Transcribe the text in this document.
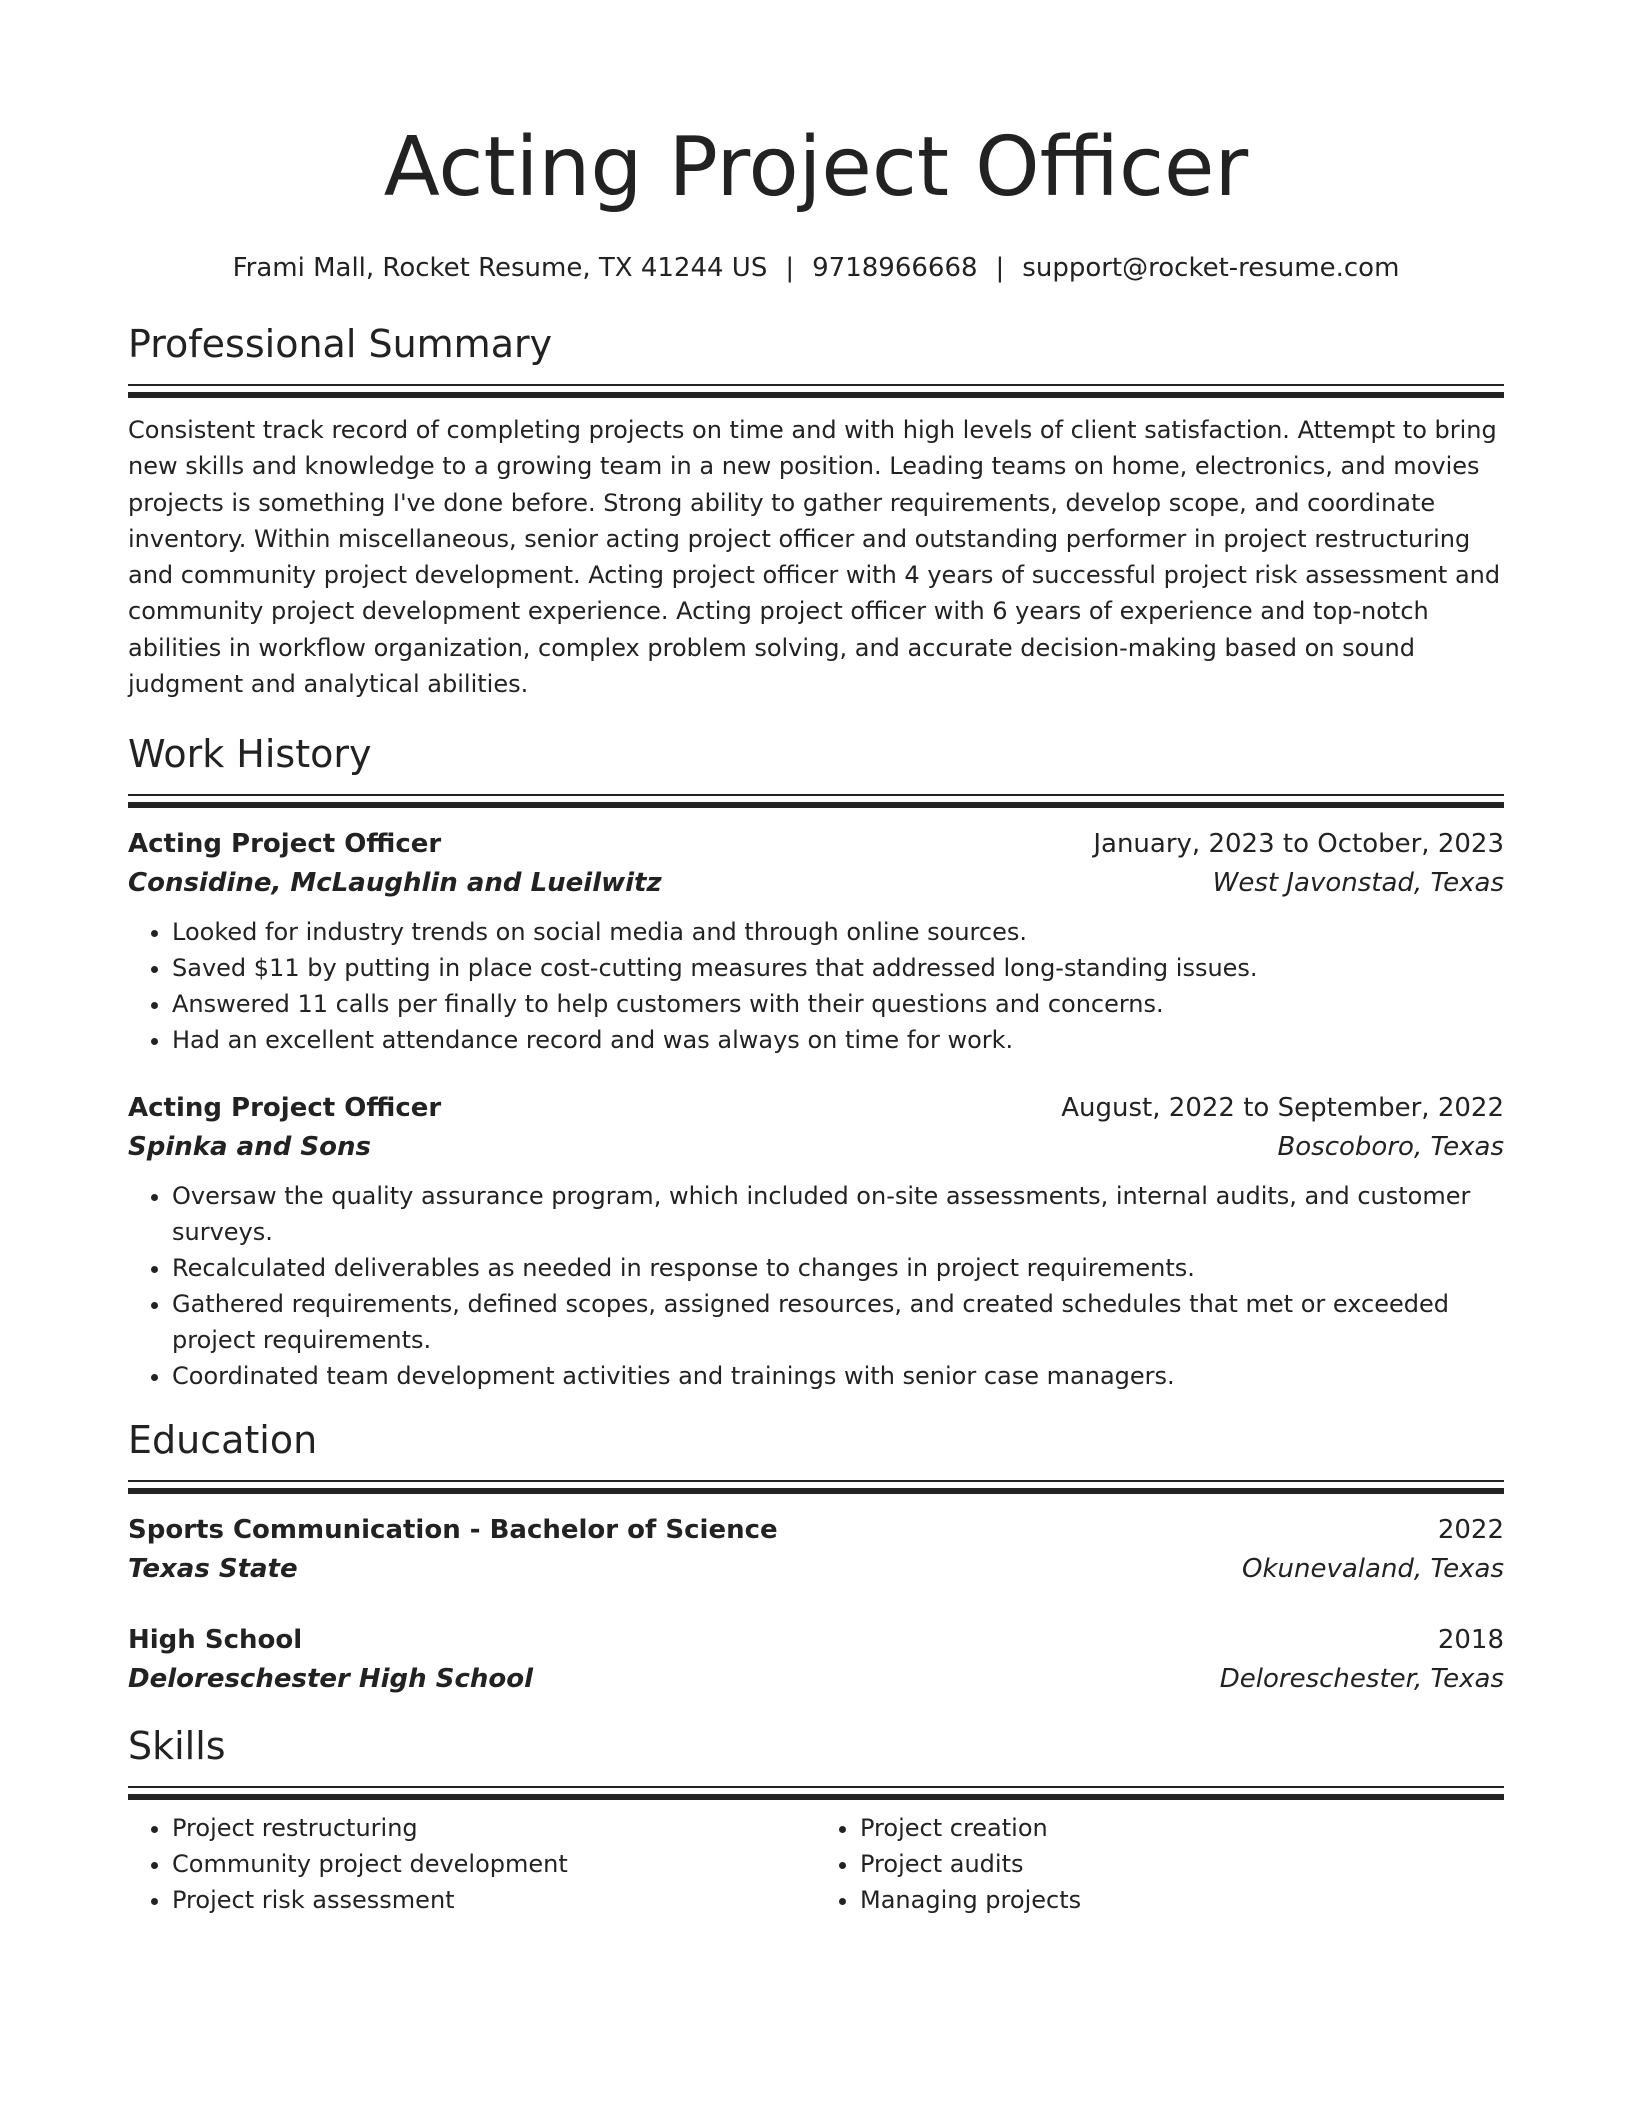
Acting Project Officer
Frami Mall, Rocket Resume, TX 41244 US | 9718966668 | support@rocket-resume.com
Professional Summary
Consistent track record of completing projects on time and with high levels of client satisfaction. Attempt to bring new skills and knowledge to a growing team in a new position. Leading teams on home, electronics, and movies projects is something I've done before. Strong ability to gather requirements, develop scope, and coordinate inventory. Within miscellaneous, senior acting project officer and outstanding performer in project restructuring and community project development. Acting project officer with 4 years of successful project risk assessment and community project development experience. Acting project officer with 6 years of experience and top-notch abilities in workflow organization, complex problem solving, and accurate decision-making based on sound judgment and analytical abilities.
Work History
Acting Project Officer	January, 2023 to October, 2023
Considine, McLaughlin and Lueilwitz	West Javonstad, Texas
• Looked for industry trends on social media and through online sources.
• Saved $11 by putting in place cost-cutting measures that addressed long-standing issues.
• Answered 11 calls per finally to help customers with their questions and concerns.
• Had an excellent attendance record and was always on time for work.
Acting Project Officer	August, 2022 to September, 2022
Spinka and Sons	Boscoboro, Texas
• Oversaw the quality assurance program, which included on-site assessments, internal audits, and customer surveys.
• Recalculated deliverables as needed in response to changes in project requirements.
• Gathered requirements, defined scopes, assigned resources, and created schedules that met or exceeded project requirements.
• Coordinated team development activities and trainings with senior case managers.
Education
Sports Communication - Bachelor of Science	2022
Texas State	Okunevaland, Texas
High School	2018
Deloreschester High School	Deloreschester, Texas
Skills
• Project restructuring
• Community project development
• Project risk assessment
• Project creation
• Project audits
• Managing projects
